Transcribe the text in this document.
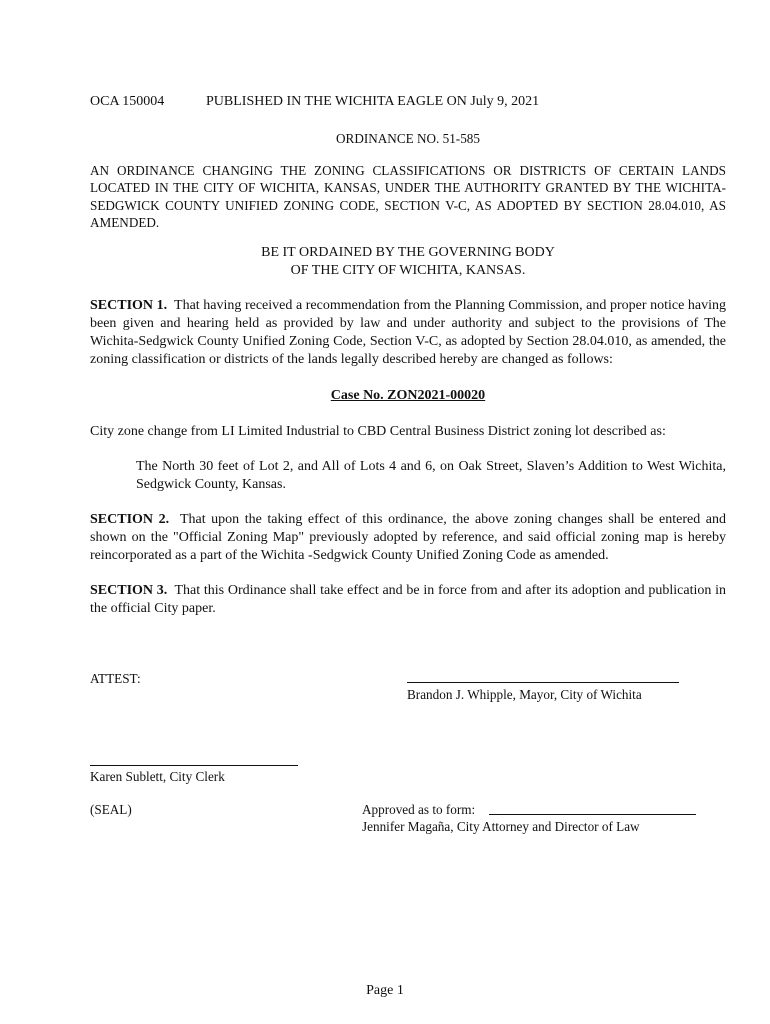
OCA 150004	PUBLISHED IN THE WICHITA EAGLE ON July 9, 2021
ORDINANCE NO. 51-585
AN ORDINANCE CHANGING THE ZONING CLASSIFICATIONS OR DISTRICTS OF CERTAIN LANDS LOCATED IN THE CITY OF WICHITA, KANSAS, UNDER THE AUTHORITY GRANTED BY THE WICHITA-SEDGWICK COUNTY UNIFIED ZONING CODE, SECTION V-C, AS ADOPTED BY SECTION 28.04.010, AS AMENDED.
BE IT ORDAINED BY THE GOVERNING BODY
OF THE CITY OF WICHITA, KANSAS.
SECTION 1. That having received a recommendation from the Planning Commission, and proper notice having been given and hearing held as provided by law and under authority and subject to the provisions of The Wichita-Sedgwick County Unified Zoning Code, Section V-C, as adopted by Section 28.04.010, as amended, the zoning classification or districts of the lands legally described hereby are changed as follows:
Case No. ZON2021-00020
City zone change from LI Limited Industrial to CBD Central Business District zoning lot described as:
The North 30 feet of Lot 2, and All of Lots 4 and 6, on Oak Street, Slaven’s Addition to West Wichita, Sedgwick County, Kansas.
SECTION 2. That upon the taking effect of this ordinance, the above zoning changes shall be entered and shown on the "Official Zoning Map" previously adopted by reference, and said official zoning map is hereby reincorporated as a part of the Wichita -Sedgwick County Unified Zoning Code as amended.
SECTION 3. That this Ordinance shall take effect and be in force from and after its adoption and publication in the official City paper.
ATTEST:
Brandon J. Whipple, Mayor, City of Wichita
Karen Sublett, City Clerk
(SEAL)	Approved as to form:
Jennifer Magaña, City Attorney and Director of Law
Page 1
